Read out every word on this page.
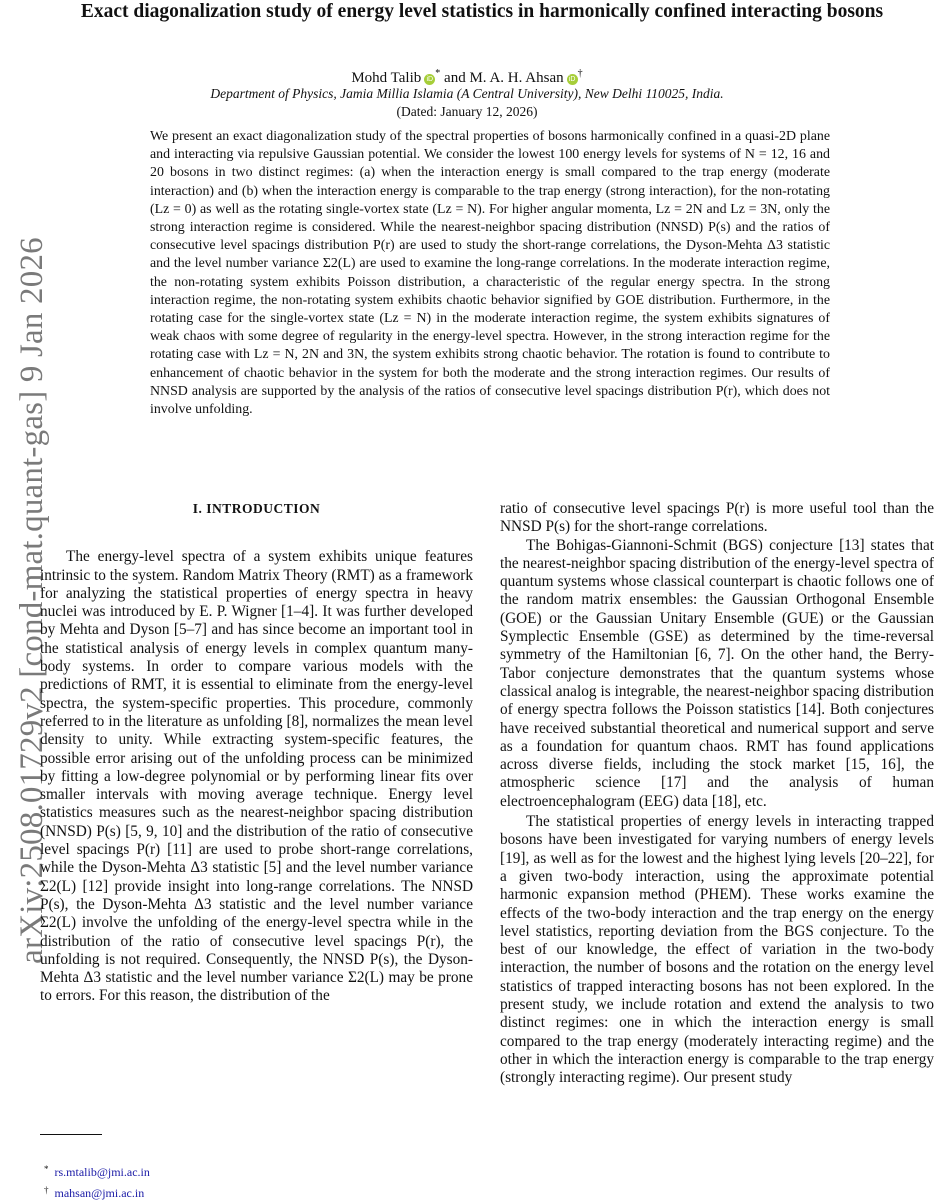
arXiv:2508.01729v2 [cond-mat.quant-gas] 9 Jan 2026
Exact diagonalization study of energy level statistics in harmonically confined interacting bosons
Mohd Talib iD* and M. A. H. Ahsan iD†
Department of Physics, Jamia Millia Islamia (A Central University), New Delhi 110025, India.
(Dated: January 12, 2026)

We present an exact diagonalization study of the spectral properties of bosons harmonically confined in a quasi-2D plane and interacting via repulsive Gaussian potential. We consider the lowest 100 energy levels for systems of N = 12, 16 and 20 bosons in two distinct regimes: (a) when the interaction energy is small compared to the trap energy (moderate interaction) and (b) when the interaction energy is comparable to the trap energy (strong interaction), for the non-rotating (Lz = 0) as well as the rotating single-vortex state (Lz = N). For higher angular momenta, Lz = 2N and Lz = 3N, only the strong interaction regime is considered. While the nearest-neighbor spacing distribution (NNSD) P(s) and the ratios of consecutive level spacings distribution P(r) are used to study the short-range correlations, the Dyson-Mehta Δ3 statistic and the level number variance Σ2(L) are used to examine the long-range correlations. In the moderate interaction regime, the non-rotating system exhibits Poisson distribution, a characteristic of the regular energy spectra. In the strong interaction regime, the non-rotating system exhibits chaotic behavior signified by GOE distribution. Furthermore, in the rotating case for the single-vortex state (Lz = N) in the moderate interaction regime, the system exhibits signatures of weak chaos with some degree of regularity in the energy-level spectra. However, in the strong interaction regime for the rotating case with Lz = N, 2N and 3N, the system exhibits strong chaotic behavior. The rotation is found to contribute to enhancement of chaotic behavior in the system for both the moderate and the strong interaction regimes. Our results of NNSD analysis are supported by the analysis of the ratios of consecutive level spacings distribution P(r), which does not involve unfolding.

I. INTRODUCTION

The energy-level spectra of a system exhibits unique features intrinsic to the system. Random Matrix Theory (RMT) as a framework for analyzing the statistical properties of energy spectra in heavy nuclei was introduced by E. P. Wigner [1–4]. It was further developed by Mehta and Dyson [5–7] and has since become an important tool in the statistical analysis of energy levels in complex quantum many-body systems. In order to compare various models with the predictions of RMT, it is essential to eliminate from the energy-level spectra, the system-specific properties. This procedure, commonly referred to in the literature as unfolding [8], normalizes the mean level density to unity. While extracting system-specific features, the possible error arising out of the unfolding process can be minimized by fitting a low-degree polynomial or by performing linear fits over smaller intervals with moving average technique. Energy level statistics measures such as the nearest-neighbor spacing distribution (NNSD) P(s) [5, 9, 10] and the distribution of the ratio of consecutive level spacings P(r) [11] are used to probe short-range correlations, while the Dyson-Mehta Δ3 statistic [5] and the level number variance Σ2(L) [12] provide insight into long-range correlations. The NNSD P(s), the Dyson-Mehta Δ3 statistic and the level number variance Σ2(L) involve the unfolding of the energy-level spectra while in the distribution of the ratio of consecutive level spacings P(r), the unfolding is not required. Consequently, the NNSD P(s), the Dyson-Mehta Δ3 statistic and the level number variance Σ2(L) may be prone to errors. For this reason, the distribution of the

ratio of consecutive level spacings P(r) is more useful tool than the NNSD P(s) for the short-range correlations.

The Bohigas-Giannoni-Schmit (BGS) conjecture [13] states that the nearest-neighbor spacing distribution of the energy-level spectra of quantum systems whose classical counterpart is chaotic follows one of the random matrix ensembles: the Gaussian Orthogonal Ensemble (GOE) or the Gaussian Unitary Ensemble (GUE) or the Gaussian Symplectic Ensemble (GSE) as determined by the time-reversal symmetry of the Hamiltonian [6, 7]. On the other hand, the Berry-Tabor conjecture demonstrates that the quantum systems whose classical analog is integrable, the nearest-neighbor spacing distribution of energy spectra follows the Poisson statistics [14]. Both conjectures have received substantial theoretical and numerical support and serve as a foundation for quantum chaos. RMT has found applications across diverse fields, including the stock market [15, 16], the atmospheric science [17] and the analysis of human electroencephalogram (EEG) data [18], etc.

The statistical properties of energy levels in interacting trapped bosons have been investigated for varying numbers of energy levels [19], as well as for the lowest and the highest lying levels [20–22], for a given two-body interaction, using the approximate potential harmonic expansion method (PHEM). These works examine the effects of the two-body interaction and the trap energy on the energy level statistics, reporting deviation from the BGS conjecture. To the best of our knowledge, the effect of variation in the two-body interaction, the number of bosons and the rotation on the energy level statistics of trapped interacting bosons has not been explored. In the present study, we include rotation and extend the analysis to two distinct regimes: one in which the interaction energy is small compared to the trap energy (moderately interacting regime) and the other in which the interaction energy is comparable to the trap energy (strongly interacting regime). Our present study

* rs.mtalib@jmi.ac.in
† mahsan@jmi.ac.in
